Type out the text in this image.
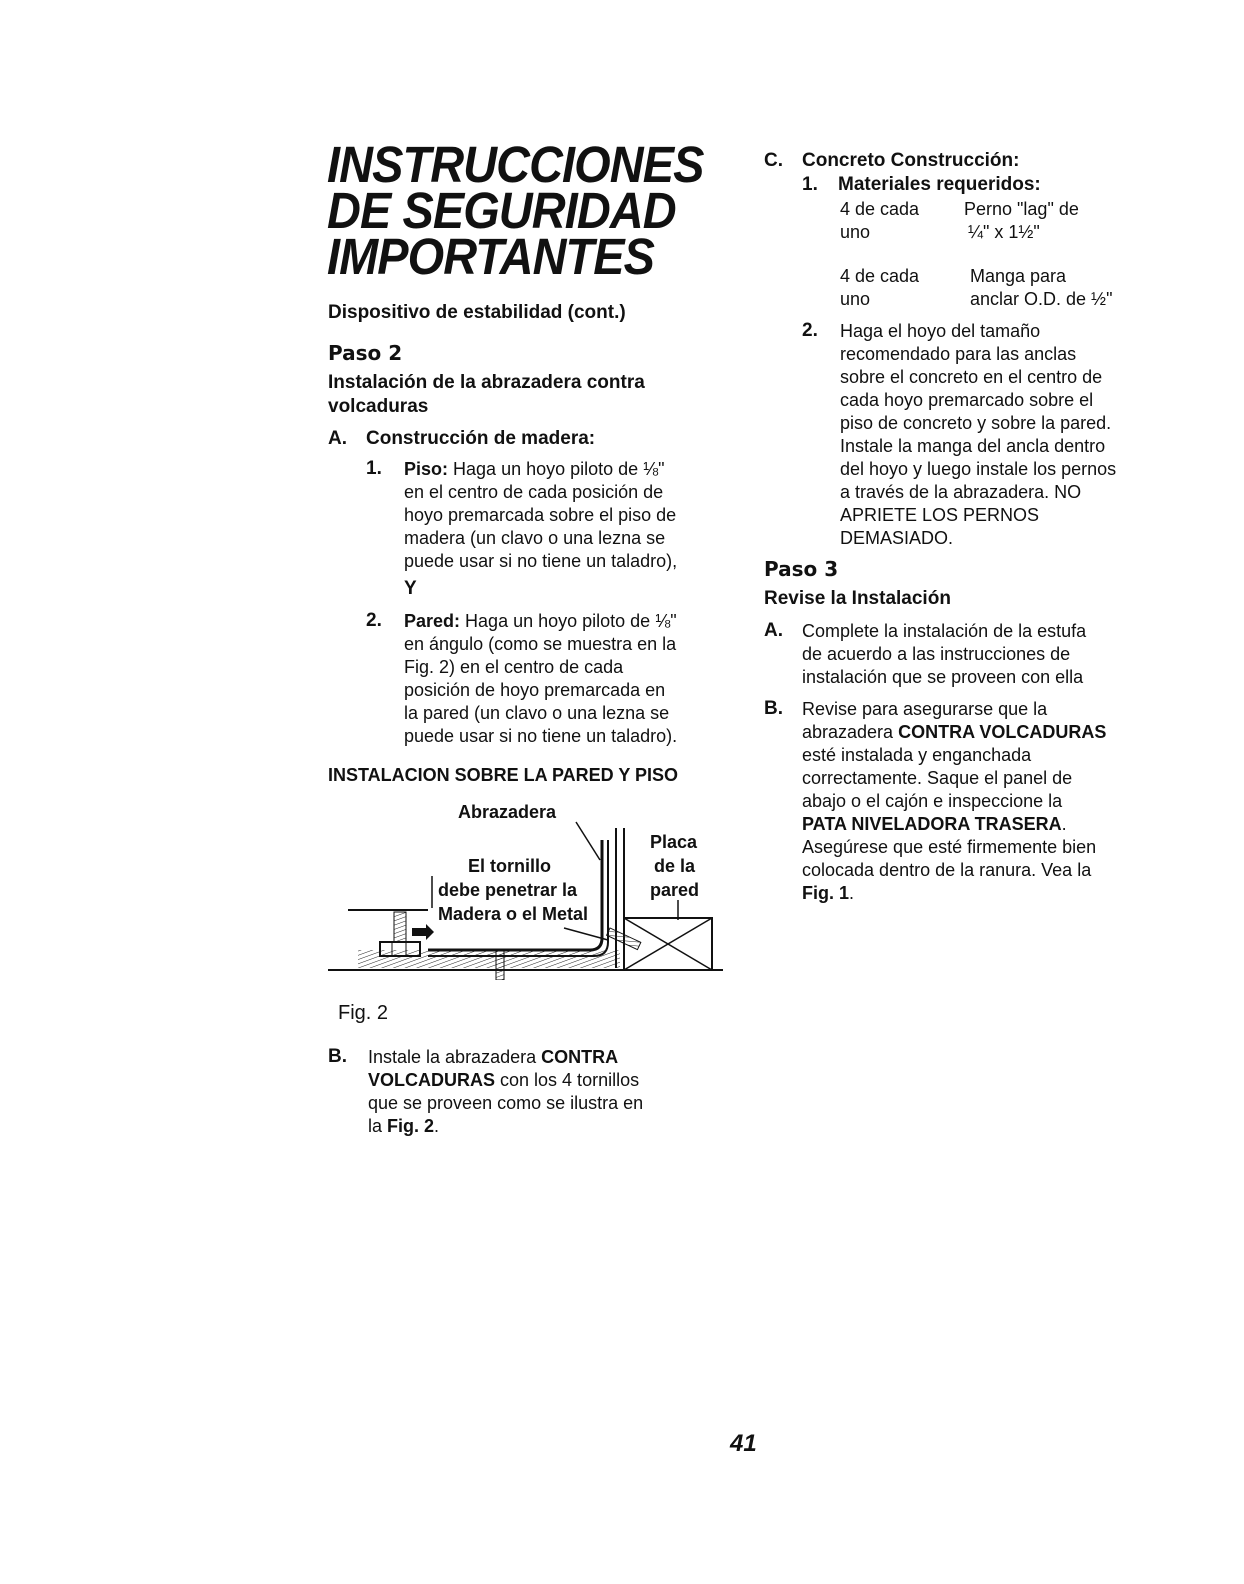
INSTRUCCIONES
DE SEGURIDAD
IMPORTANTES
Dispositivo de estabilidad (cont.)
Paso 2
Instalación de la abrazadera contra
volcaduras
A. Construcción de madera:
1. Piso: Haga un hoyo piloto de ⅛"
en el centro de cada posición de
hoyo premarcada sobre el piso de
madera (un clavo o una lezna se
puede usar si no tiene un taladro),
Y
2. Pared: Haga un hoyo piloto de ⅛"
en ángulo (como se muestra en la
Fig. 2) en el centro de cada
posición de hoyo premarcada en
la pared (un clavo o una lezna se
puede usar si no tiene un taladro).
INSTALACION SOBRE LA PARED Y PISO
Abrazadera
El tornillo
debe penetrar la
Madera o el Metal
Placa
de la
pared
Fig. 2
B. Instale la abrazadera CONTRA
VOLCADURAS con los 4 tornillos
que se proveen como se ilustra en
la Fig. 2.
C. Concreto Construcción:
1. Materiales requeridos:
4 de cada
uno
Perno "lag" de
¼" x 1½"
4 de cada
uno
Manga para
anclar O.D. de ½"
2. Haga el hoyo del tamaño
recomendado para las anclas
sobre el concreto en el centro de
cada hoyo premarcado sobre el
piso de concreto y sobre la pared.
Instale la manga del ancla dentro
del hoyo y luego instale los pernos
a través de la abrazadera. NO
APRIETE LOS PERNOS
DEMASIADO.
Paso 3
Revise la Instalación
A. Complete la instalación de la estufa
de acuerdo a las instrucciones de
instalación que se proveen con ella
B. Revise para asegurarse que la
abrazadera CONTRA VOLCADURAS
esté instalada y enganchada
correctamente. Saque el panel de
abajo o el cajón e inspeccione la
PATA NIVELADORA TRASERA.
Asegúrese que esté firmemente bien
colocada dentro de la ranura. Vea la
Fig. 1.
41
